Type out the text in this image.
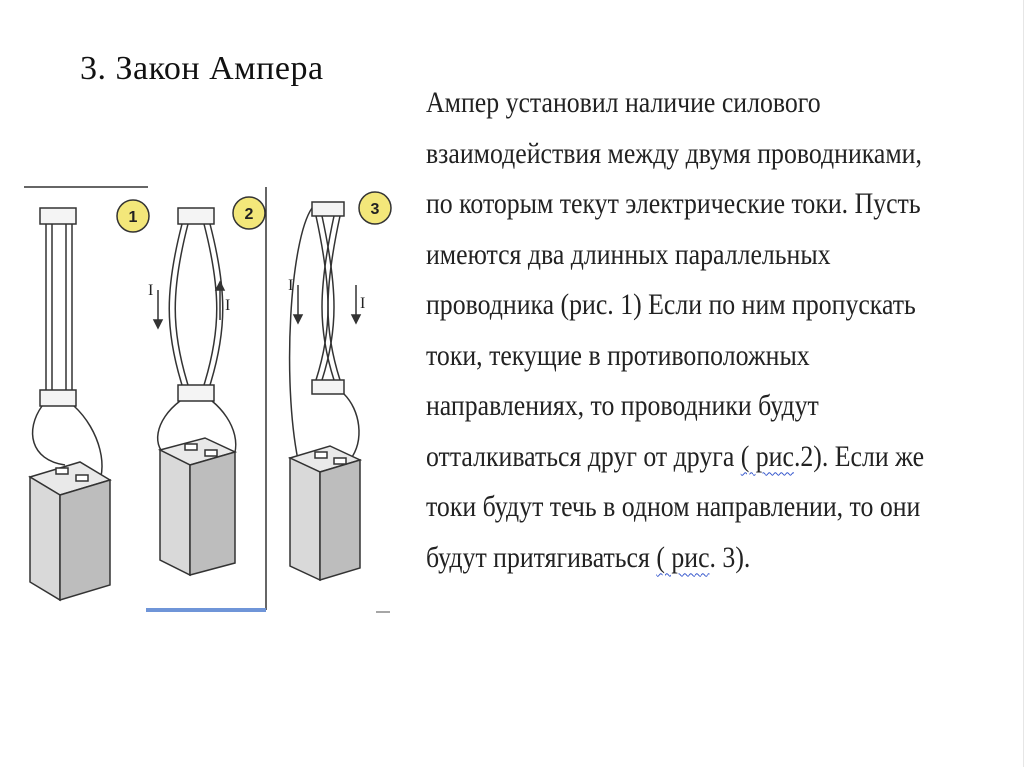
3. Закон Ампера
Ампер установил наличие силового
взаимодействия между двумя проводниками,
по которым текут электрические токи. Пусть
имеются два длинных параллельных
проводника (рис. 1) Если по ним пропускать
токи, текущие в противоположных
направлениях, то проводники будут
отталкиваться друг от друга ( рис.2). Если же
токи будут течь в одном направлении, то они
будут притягиваться ( рис. 3).
I
I
I
I
1	2	3
